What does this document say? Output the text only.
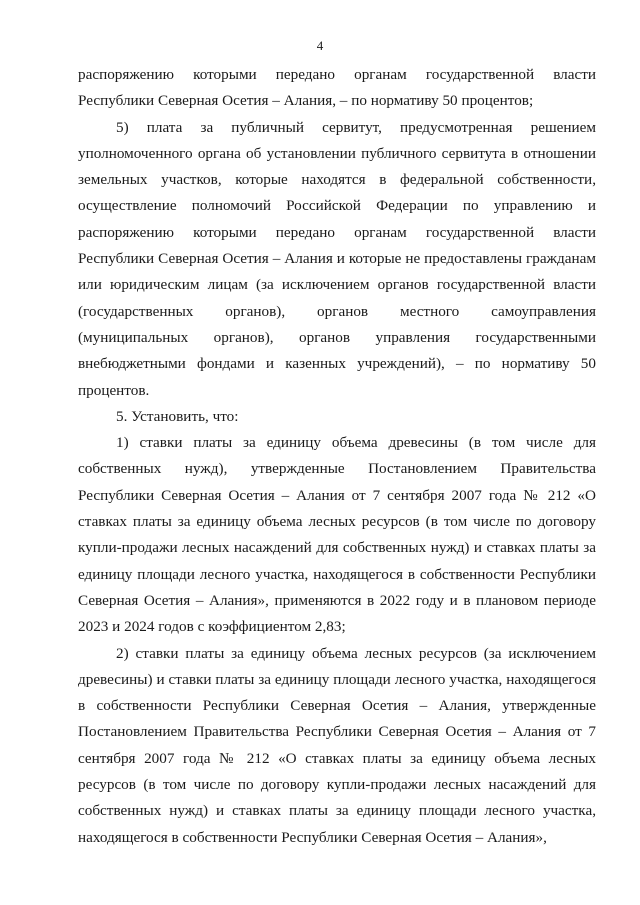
4

распоряжению которыми передано органам государственной власти Республики Северная Осетия – Алания, – по нормативу 50 процентов;

5) плата за публичный сервитут, предусмотренная решением уполномоченного органа об установлении публичного сервитута в отношении земельных участков, которые находятся в федеральной собственности, осуществление полномочий Российской Федерации по управлению и распоряжению которыми передано органам государственной власти Республики Северная Осетия – Алания и которые не предоставлены гражданам или юридическим лицам (за исключением органов государственной власти (государственных органов), органов местного самоуправления (муниципальных органов), органов управления государственными внебюджетными фондами и казенных учреждений), – по нормативу 50 процентов.

5. Установить, что:

1) ставки платы за единицу объема древесины (в том числе для собственных нужд), утвержденные Постановлением Правительства Республики Северная Осетия – Алания от 7 сентября 2007 года № 212 «О ставках платы за единицу объема лесных ресурсов (в том числе по договору купли-продажи лесных насаждений для собственных нужд) и ставках платы за единицу площади лесного участка, находящегося в собственности Республики Северная Осетия – Алания», применяются в 2022 году и в плановом периоде 2023 и 2024 годов с коэффициентом 2,83;

2) ставки платы за единицу объема лесных ресурсов (за исключением древесины) и ставки платы за единицу площади лесного участка, находящегося в собственности Республики Северная Осетия – Алания, утвержденные Постановлением Правительства Республики Северная Осетия – Алания от 7 сентября 2007 года № 212 «О ставках платы за единицу объема лесных ресурсов (в том числе по договору купли-продажи лесных насаждений для собственных нужд) и ставках платы за единицу площади лесного участка, находящегося в собственности Республики Северная Осетия – Алания»,
